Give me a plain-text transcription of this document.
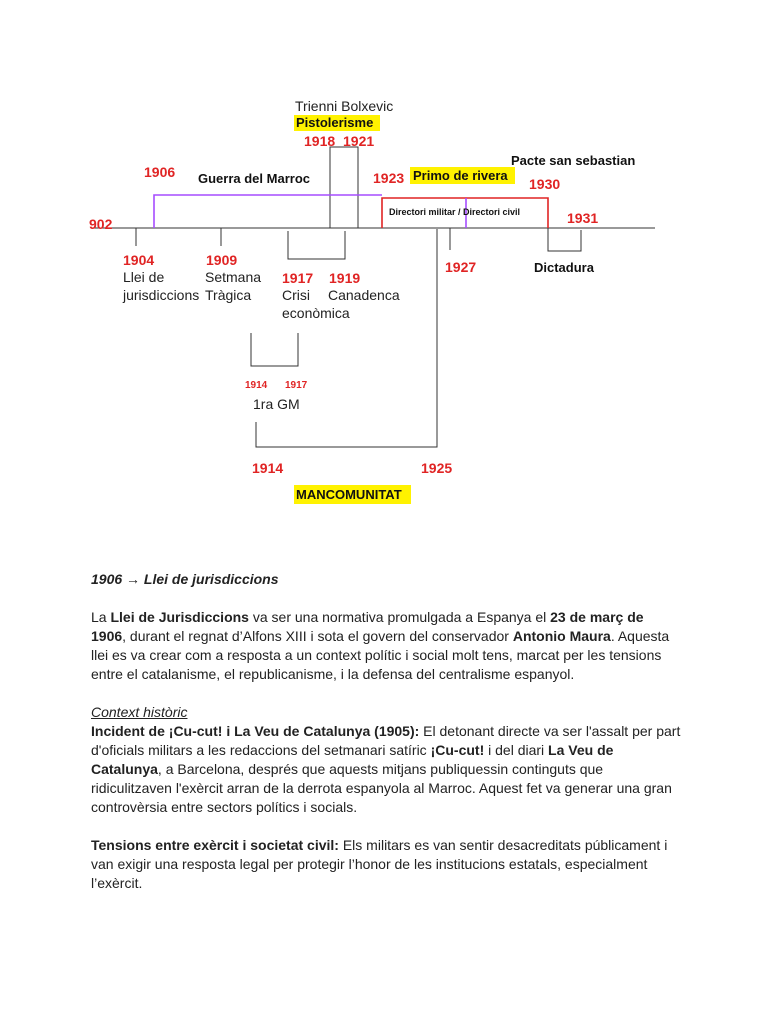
Trienni Bolxevic
Pistolerisme
1918 1921
1906 Guerra del Marroc	1923 Primo de rivera
Pacte san sebastian
1930
Directori militar / Directori civil
902	1931
Dictadura
1927
1904
Llei de
jurisdiccions
1909
Setmana
Tràgica
1917 1919
Crisi
econòmica
Canadenca
1914 1917
1ra GM
1914	1925
MANCOMUNITAT

1906 → Llei de jurisdiccions

La Llei de Jurisdiccions va ser una normativa promulgada a Espanya el 23 de març de 1906, durant el regnat d’Alfons XIII i sota el govern del conservador Antonio Maura. Aquesta llei es va crear com a resposta a un context polític i social molt tens, marcat per les tensions entre el catalanisme, el republicanisme, i la defensa del centralisme espanyol.

Context històric

Incident de ¡Cu-cut! i La Veu de Catalunya (1905): El detonant directe va ser l'assalt per part d'oficials militars a les redaccions del setmanari satíric ¡Cu-cut! i del diari La Veu de Catalunya, a Barcelona, després que aquests mitjans publiquessin continguts que ridiculitzaven l'exèrcit arran de la derrota espanyola al Marroc. Aquest fet va generar una gran controvèrsia entre sectors polítics i socials.

Tensions entre exèrcit i societat civil: Els militars es van sentir desacreditats públicament i van exigir una resposta legal per protegir l’honor de les institucions estatals, especialment l’exèrcit.
